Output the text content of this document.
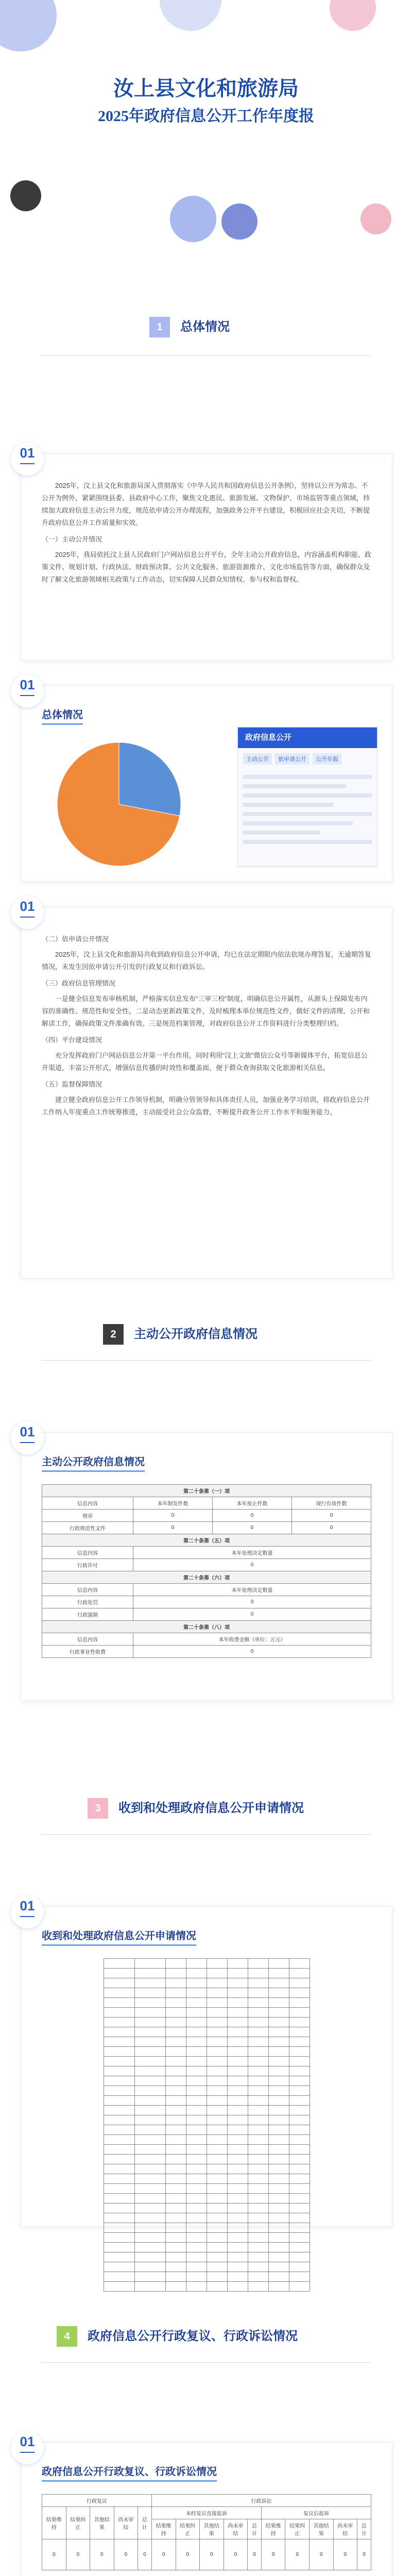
汝上县文化和旅游局
2025年政府信息公开工作年度报
1	总体情况
01

2025年，汶上县文化和旅游局深入贯彻落实《中华人民共和国政府信息公开条例》，坚持以公开为常态、不公开为例外，紧紧围绕县委、县政府中心工作，聚焦文化惠民、旅游发展、文物保护、市场监管等重点领域，持续加大政府信息主动公开力度，规范依申请公开办理流程，加强政务公开平台建设，积极回应社会关切，不断提升政府信息公开工作质量和实效。

（一）主动公开情况

2025年，我局依托汶上县人民政府门户网站信息公开平台，全年主动公开政府信息，内容涵盖机构职能、政策文件、规划计划、行政执法、财政预决算、公共文化服务、旅游资源推介、文化市场监管等方面，确保群众及时了解文化旅游领域相关政策与工作动态，切实保障人民群众知情权、参与权和监督权。

01
总体情况
政府信息公开
主动公开	依申请公开	公开年报
01

（二）依申请公开情况

2025年，汶上县文化和旅游局共收到政府信息公开申请，均已在法定期限内依法依规办理答复，无逾期答复情况，未发生因依申请公开引发的行政复议和行政诉讼。

（三）政府信息管理情况

一是健全信息发布审核机制，严格落实信息发布“三审三校”制度，明确信息公开属性，从源头上保障发布内容的准确性、规范性和安全性。二是动态更新政策文件，及时梳理本单位规范性文件，做好文件的清理、公开和解读工作，确保政策文件准确有效。三是规范档案管理，对政府信息公开工作资料进行分类整理归档。

（四）平台建设情况

充分发挥政府门户网站信息公开第一平台作用，同时利用“汶上文旅”微信公众号等新媒体平台，拓宽信息公开渠道，丰富公开形式，增强信息传播的时效性和覆盖面，便于群众查询获取文化旅游相关信息。

（五）监督保障情况

建立健全政府信息公开工作领导机制，明确分管领导和具体责任人员，加强业务学习培训，将政府信息公开工作纳入年度重点工作统筹推进，主动接受社会公众监督，不断提升政务公开工作水平和服务能力。

2	主动公开政府信息情况
01
主动公开政府信息情况
第二十条第（一）项			
信息内容	本年制发件数	本年废止件数	现行有效件数
规章	0	0	0
行政规范性文件	0	0	0
第二十条第（五）项			
信息内容	本年处理决定数量		
行政许可	0		
第二十条第（六）项			
信息内容	本年处理决定数量		
行政处罚	0		
行政强制	0		
第二十条第（八）项			
信息内容	本年收费金额（单位：万元）		
行政事业性收费	0		
3	收到和处理政府信息公开申请情况
01
收到和处理政府信息公开申请情况
4	政府信息公开行政复议、行政诉讼情况
01
政府信息公开行政复议、行政诉讼情况
行政复议					行政诉讼									
结果维持	结果纠正	其他结果	尚未审结	总计	未经复议直接起诉					复议后起诉				
					结果维持	结果纠正	其他结果	尚未审结	总计	结果维持	结果纠正	其他结果	尚未审结	总计
0	0	0	0	0	0	0	0	0	0	0	0	0	0	0
